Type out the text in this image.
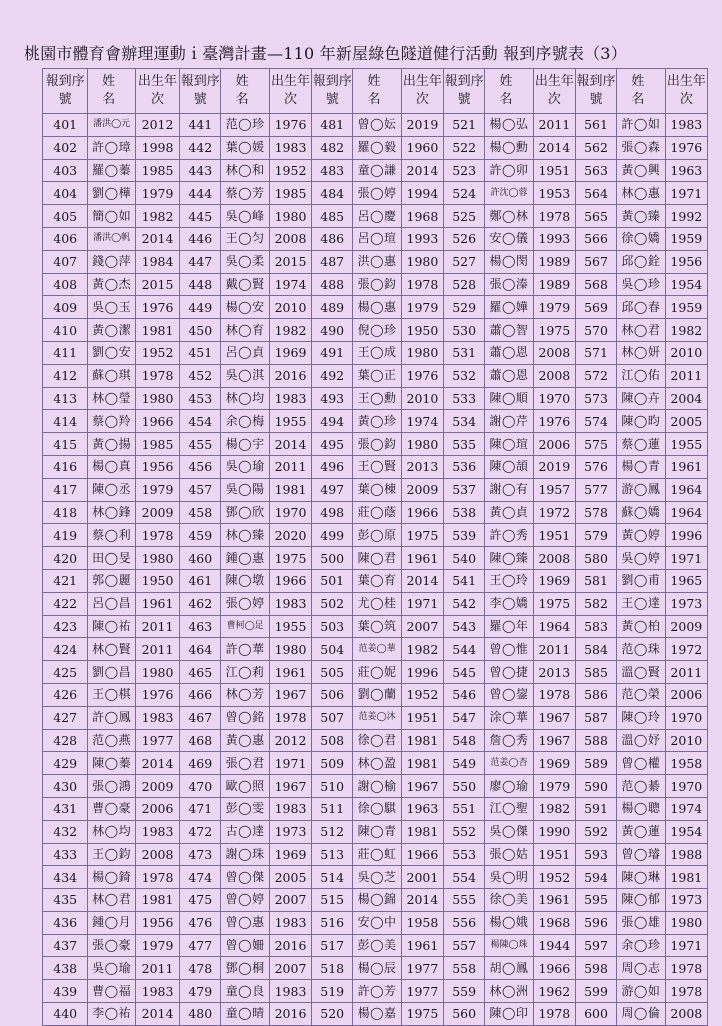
桃園市體育會辦理運動ｉ臺灣計畫—110 年新屋綠色隧道健行活動 報到序號表（3）
報到序號	姓　名	出生年次	報到序號	姓　名	出生年次	報到序號	姓　名	出生年次	報到序號	姓　名	出生年次	報到序號	姓　名	出生年次
401	潘洪◯元	2012	441	范◯珍	1976	481	曾◯妘	2019	521	楊◯弘	2011	561	許◯如	1983
402	許◯璋	1998	442	葉◯媛	1983	482	羅◯毅	1960	522	楊◯勳	2014	562	張◯森	1976
403	羅◯蓁	1985	443	林◯和	1952	483	童◯謙	2014	523	許◯卯	1951	563	黃◯興	1963
404	劉◯樺	1979	444	蔡◯芳	1985	484	張◯婷	1994	524	許沈◯蓉	1953	564	林◯惠	1971
405	簡◯如	1982	445	吳◯峰	1980	485	呂◯慶	1968	525	鄭◯林	1978	565	黃◯臻	1992
406	潘洪◯帆	2014	446	王◯匀	2008	486	呂◯瑄	1993	526	安◯儀	1993	566	徐◯嬌	1959
407	錢◯萍	1984	447	吳◯柔	2015	487	洪◯惠	1980	527	楊◯閔	1989	567	邱◯銓	1956
408	黃◯杰	2015	448	戴◯賢	1974	488	張◯鈞	1978	528	張◯溱	1989	568	吳◯珍	1954
409	吳◯玉	1976	449	楊◯安	2010	489	楊◯惠	1979	529	羅◯嬅	1979	569	邱◯春	1959
410	黃◯潔	1981	450	林◯育	1982	490	倪◯珍	1950	530	蕭◯智	1975	570	林◯君	1982
411	劉◯安	1952	451	呂◯貞	1969	491	王◯成	1980	531	蕭◯恩	2008	571	林◯妍	2010
412	蘇◯琪	1978	452	吳◯淇	2016	492	葉◯正	1976	532	蕭◯恩	2008	572	江◯佑	2011
413	林◯瑩	1980	453	林◯均	1983	493	王◯勳	2010	533	陳◯順	1970	573	陳◯卉	2004
414	蔡◯羚	1966	454	余◯梅	1955	494	黃◯珍	1974	534	謝◯芹	1976	574	陳◯昀	2005
415	黃◯揚	1985	455	楊◯宇	2014	495	張◯鈞	1980	535	陳◯瑄	2006	575	蔡◯蓮	1955
416	楊◯真	1956	456	吳◯瑜	2011	496	王◯賢	2013	536	陳◯頡	2019	576	楊◯青	1961
417	陳◯丞	1979	457	吳◯陽	1981	497	葉◯棟	2009	537	謝◯有	1957	577	游◯鳳	1964
418	林◯鋒	2009	458	鄧◯欣	1970	498	莊◯蔭	1966	538	黃◯貞	1972	578	蘇◯嬌	1964
419	蔡◯利	1978	459	林◯臻	2020	499	彭◯原	1975	539	許◯秀	1951	579	黃◯婷	1996
420	田◯旻	1980	460	鍾◯惠	1975	500	陳◯君	1961	540	陳◯臻	2008	580	吳◯婷	1971
421	郭◯麗	1950	461	陳◯墩	1966	501	葉◯育	2014	541	王◯玲	1969	581	劉◯甫	1965
422	呂◯昌	1961	462	張◯婷	1983	502	尤◯桂	1971	542	李◯嬌	1975	582	王◯達	1973
423	陳◯祐	2011	463	曹柯◯足	1955	503	葉◯筑	2007	543	羅◯年	1964	583	黃◯柏	2009
424	林◯賢	2011	464	許◯華	1980	504	范姜◯華	1982	544	曾◯惟	2011	584	范◯珠	1972
425	劉◯昌	1980	465	江◯莉	1961	505	莊◯妮	1996	545	曾◯捷	2013	585	溫◯賢	2011
426	王◯棋	1976	466	林◯芳	1967	506	劉◯蘭	1952	546	曾◯鋆	1978	586	范◯榮	2006
427	許◯鳳	1983	467	曾◯銘	1978	507	范姜◯沐	1951	547	涂◯華	1967	587	陳◯玲	1970
428	范◯燕	1977	468	黃◯惠	2012	508	徐◯君	1981	548	詹◯秀	1967	588	溫◯妤	2010
429	陳◯蓁	2014	469	張◯君	1971	509	林◯盈	1981	549	范姜◯杏	1969	589	曾◯權	1958
430	張◯鴻	2009	470	歐◯照	1967	510	謝◯榆	1967	550	廖◯瑜	1979	590	范◯綦	1970
431	曹◯豪	2006	471	彭◯雯	1983	511	徐◯騏	1963	551	江◯聖	1982	591	楊◯聰	1974
432	林◯均	1983	472	古◯達	1973	512	陳◯青	1981	552	吳◯傑	1990	592	黃◯蓮	1954
433	王◯鈞	2008	473	謝◯珠	1969	513	莊◯虹	1966	553	張◯姑	1951	593	曾◯璿	1988
434	楊◯錡	1978	474	曾◯傑	2005	514	吳◯芝	2001	554	吳◯明	1952	594	陳◯琳	1981
435	林◯君	1981	475	曾◯婷	2007	515	楊◯錦	2014	555	徐◯美	1961	595	陳◯郁	1973
436	鍾◯月	1956	476	曾◯惠	1983	516	安◯中	1958	556	楊◯娥	1968	596	張◯雄	1980
437	張◯豪	1979	477	曾◯姍	2016	517	彭◯美	1961	557	楊陳◯珠	1944	597	余◯珍	1971
438	吳◯瑜	2011	478	鄧◯桐	2007	518	楊◯辰	1977	558	胡◯鳳	1966	598	周◯志	1978
439	曹◯福	1983	479	童◯良	1983	519	許◯芳	1977	559	林◯洲	1962	599	游◯如	1978
440	李◯祐	2014	480	童◯晴	2016	520	楊◯嘉	1975	560	陳◯印	1978	600	周◯倫	2008
